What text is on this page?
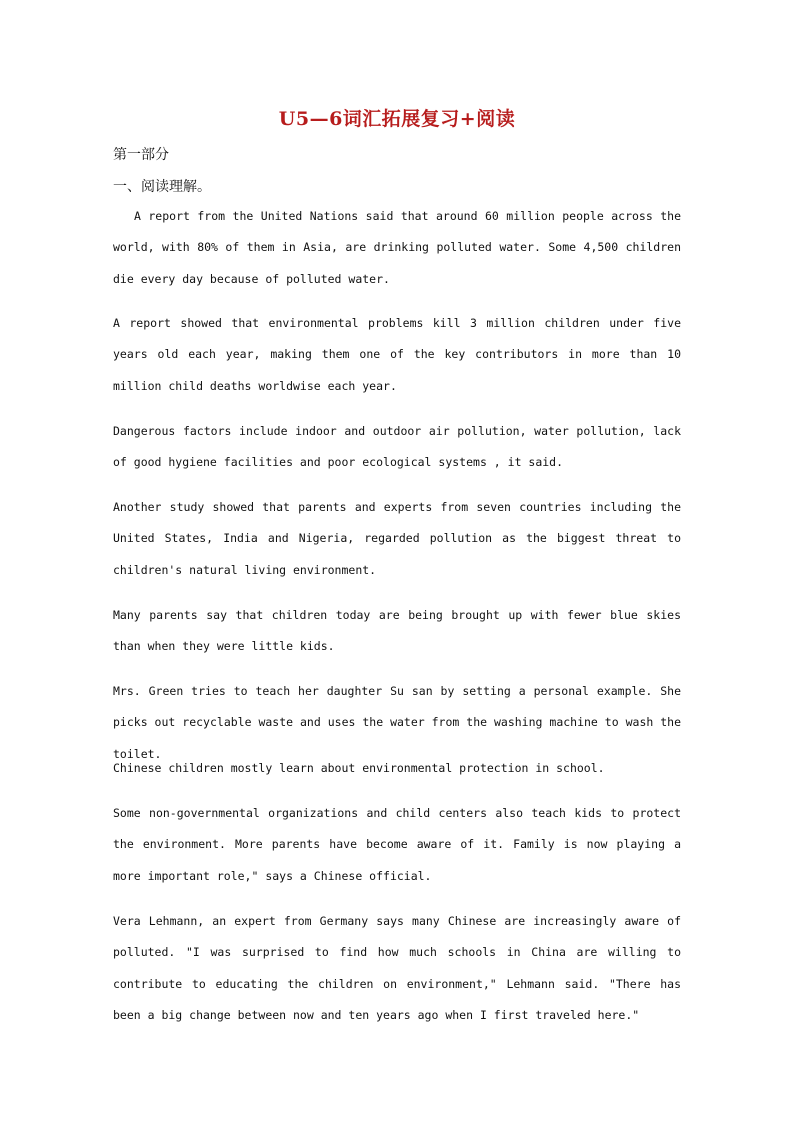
U5—6词汇拓展复习+阅读
第一部分
一、阅读理解。

A report from the United Nations said that around 60 million people across the world, with 80% of them in Asia, are drinking polluted water. Some 4,500 children die every day because of polluted water.

A report showed that environmental problems kill 3 million children under five years old each year, making them one of the key contributors in more than 10 million child deaths worldwise each year.

Dangerous factors include indoor and outdoor air pollution, water pollution, lack of good hygiene facilities and poor ecological systems , it said.

Another study showed that parents and experts from seven countries including the United States, India and Nigeria, regarded pollution as the biggest threat to children's natural living environment.

Many parents say that children today are being brought up with fewer blue skies than when they were little kids.

Mrs. Green tries to teach her daughter Su san by setting a personal example. She picks out recyclable waste and uses the water from the washing machine to wash the toilet.

Chinese children mostly learn about environmental protection in school.

Some non-governmental organizations and child centers also teach kids to protect the environment. More parents have become aware of it. Family is now playing a more important role," says a Chinese official.

Vera Lehmann, an expert from Germany says many Chinese are increasingly aware of polluted. "I was surprised to find how much schools in China are willing to contribute to educating the children on environment," Lehmann said. "There has been a big change between now and ten years ago when I first traveled here."
